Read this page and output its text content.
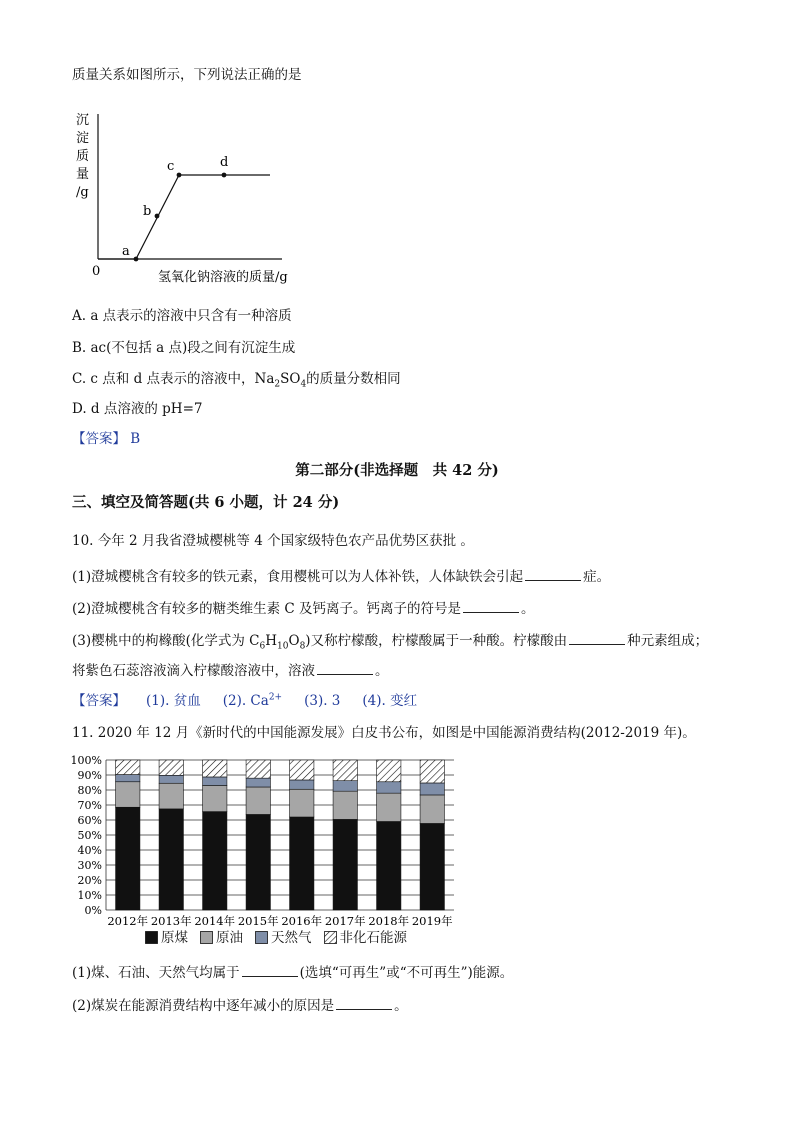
质量关系如图所示，下列说法正确的是
沉
淀
质
量
/g
a
b
c	d
0	氢氧化钠溶液的质量/g
A. a 点表示的溶液中只含有一种溶质
B. ac(不包括 a 点)段之间有沉淀生成
C. c 点和 d 点表示的溶液中，$Na_2SO_4$的质量分数相同
D. d 点溶液的 pH=7
【答案】 B
第二部分(非选择题　共 42 分)
三、填空及简答题(共 6 小题，计 24 分)
10. 今年 2 月我省澄城樱桃等 4 个国家级特色农产品优势区获批 。
(1)澄城樱桃含有较多的铁元素，食用樱桃可以为人体补铁，人体缺铁会引起	症。
(2)澄城樱桃含有较多的糖类维生素 C 及钙离子。钙离子的符号是	。
(3)樱桃中的枸橼酸(化学式为 $C_6H_{10}O_8$)又称柠檬酸，柠檬酸属于一种酸。柠檬酸由	种元素组成；
将紫色石蕊溶液滴入柠檬酸溶液中，溶液	。
【答案】 (1). 贫血 (2). $Ca^{2+}$ (3). 3 (4). 变红
11. 2020 年 12 月《新时代的中国能源发展》白皮书公布，如图是中国能源消费结构(2012-2019 年)。
0%
10%
20%
30%
40%
50%
60%
70%
80%
90%
100%
2012年 2013年 2014年 2015年 2016年 2017年 2018年 2019年
原煤 原油 天然气 非化石能源
(1)煤、石油、天然气均属于	(选填“可再生”或“不可再生”)能源。
(2)煤炭在能源消费结构中逐年减小的原因是	。
